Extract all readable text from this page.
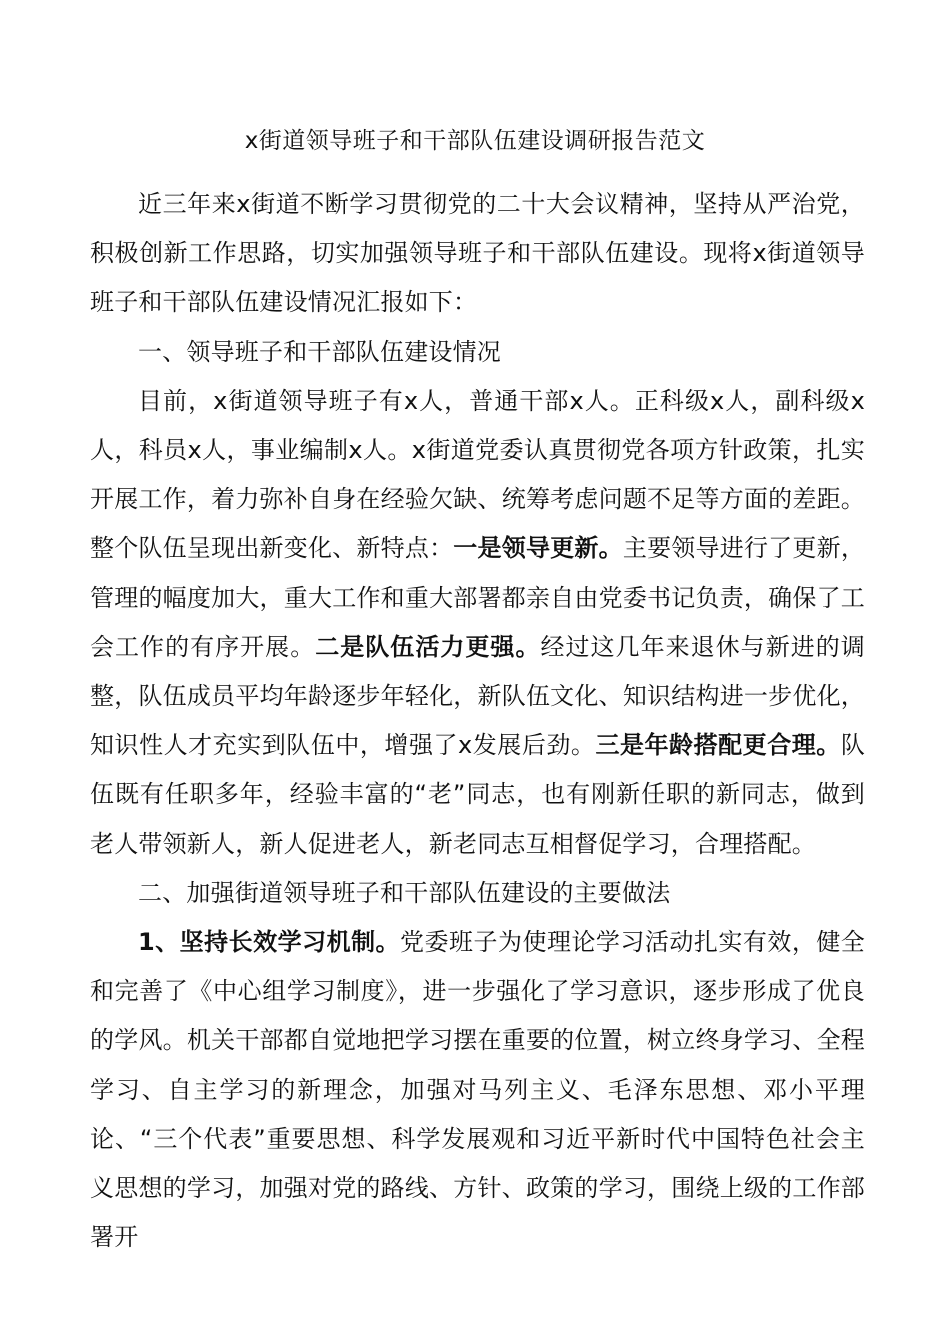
x街道领导班子和干部队伍建设调研报告范文

近三年来x街道不断学习贯彻党的二十大会议精神，坚持从严治党，积极创新工作思路，切实加强领导班子和干部队伍建设。现将x街道领导班子和干部队伍建设情况汇报如下：

一、领导班子和干部队伍建设情况

目前，x街道领导班子有x人，普通干部x人。正科级x人，副科级x人，科员x人，事业编制x人。x街道党委认真贯彻党各项方针政策，扎实开展工作，着力弥补自身在经验欠缺、统筹考虑问题不足等方面的差距。整个队伍呈现出新变化、新特点：一是领导更新。主要领导进行了更新，管理的幅度加大，重大工作和重大部署都亲自由党委书记负责，确保了工会工作的有序开展。二是队伍活力更强。经过这几年来退休与新进的调整，队伍成员平均年龄逐步年轻化，新队伍文化、知识结构进一步优化，知识性人才充实到队伍中，增强了x发展后劲。三是年龄搭配更合理。队伍既有任职多年，经验丰富的“老”同志，也有刚新任职的新同志，做到老人带领新人，新人促进老人，新老同志互相督促学习，合理搭配。

二、加强街道领导班子和干部队伍建设的主要做法

1、坚持长效学习机制。党委班子为使理论学习活动扎实有效，健全和完善了《中心组学习制度》，进一步强化了学习意识，逐步形成了优良的学风。机关干部都自觉地把学习摆在重要的位置，树立终身学习、全程学习、自主学习的新理念，加强对马列主义、毛泽东思想、邓小平理论、“三个代表”重要思想、科学发展观和习近平新时代中国特色社会主义思想的学习，加强对党的路线、方针、政策的学习，围绕上级的工作部署开
